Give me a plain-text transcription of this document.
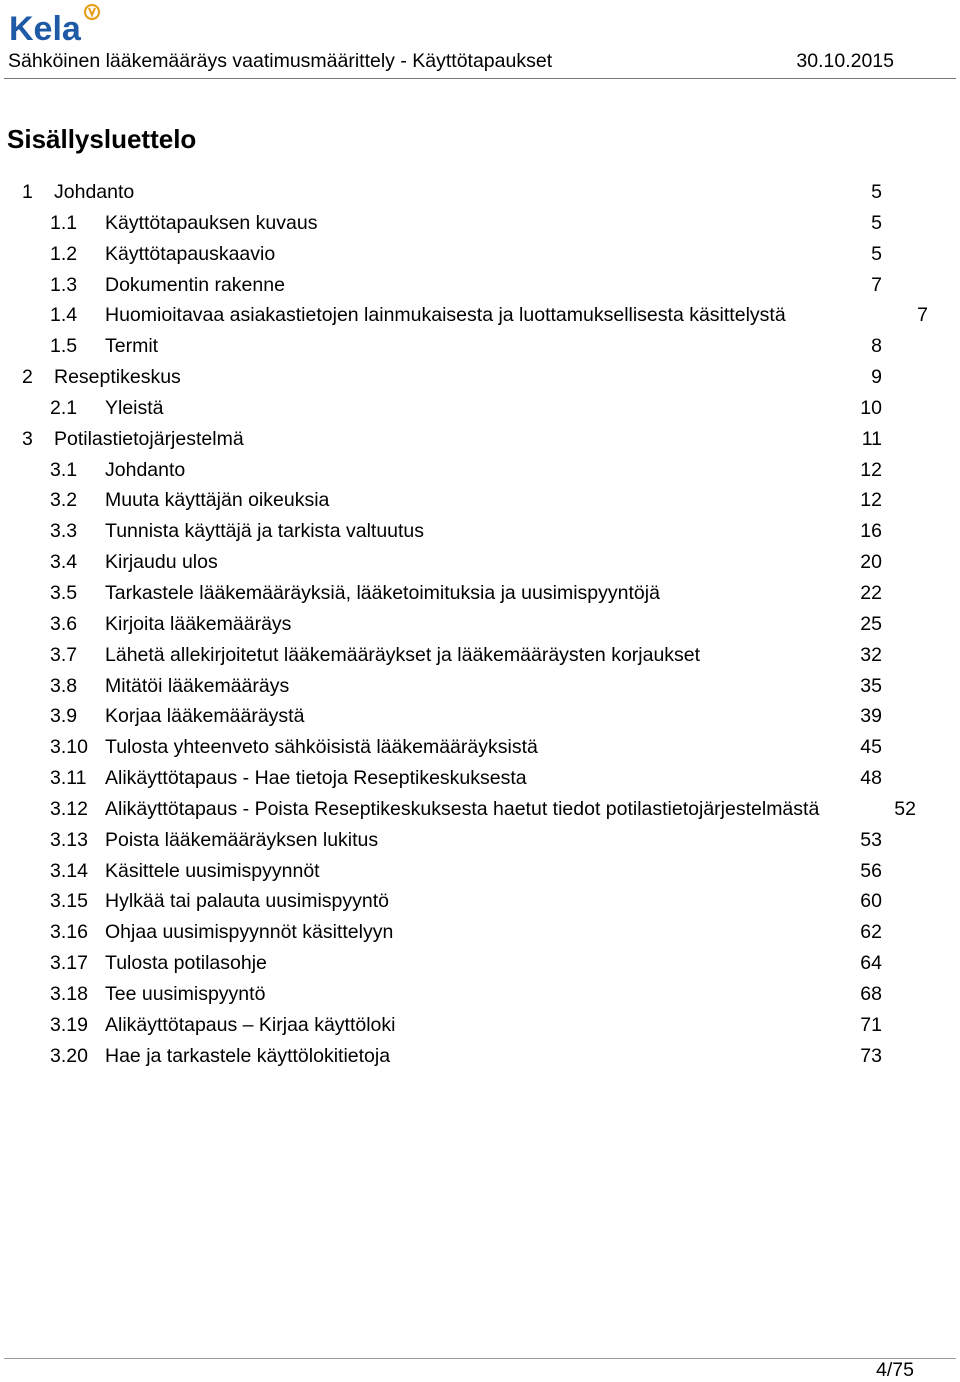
Kela
Sähköinen lääkemääräys vaatimusmäärittely - Käyttötapaukset	30.10.2015
Sisällysluettelo
1 Johdanto	5
1.1 Käyttötapauksen kuvaus	5
1.2 Käyttötapauskaavio	5
1.3 Dokumentin rakenne	7
1.4 Huomioitavaa asiakastietojen lainmukaisesta ja luottamuksellisesta käsittelystä	7
1.5 Termit	8
2 Reseptikeskus	9
2.1 Yleistä	10
3 Potilastietojärjestelmä	11
3.1 Johdanto	12
3.2 Muuta käyttäjän oikeuksia	12
3.3 Tunnista käyttäjä ja tarkista valtuutus	16
3.4 Kirjaudu ulos	20
3.5 Tarkastele lääkemääräyksiä, lääketoimituksia ja uusimispyyntöjä	22
3.6 Kirjoita lääkemääräys	25
3.7 Lähetä allekirjoitetut lääkemääräykset ja lääkemääräysten korjaukset	32
3.8 Mitätöi lääkemääräys	35
3.9 Korjaa lääkemääräystä	39
3.10 Tulosta yhteenveto sähköisistä lääkemääräyksistä	45
3.11 Alikäyttötapaus - Hae tietoja Reseptikeskuksesta	48
3.12 Alikäyttötapaus - Poista Reseptikeskuksesta haetut tiedot potilastietojärjestelmästä	52
3.13 Poista lääkemääräyksen lukitus	53
3.14 Käsittele uusimispyynnöt	56
3.15 Hylkää tai palauta uusimispyyntö	60
3.16 Ohjaa uusimispyynnöt käsittelyyn	62
3.17 Tulosta potilasohje	64
3.18 Tee uusimispyyntö	68
3.19 Alikäyttötapaus – Kirjaa käyttöloki	71
3.20 Hae ja tarkastele käyttölokitietoja	73
4/75
